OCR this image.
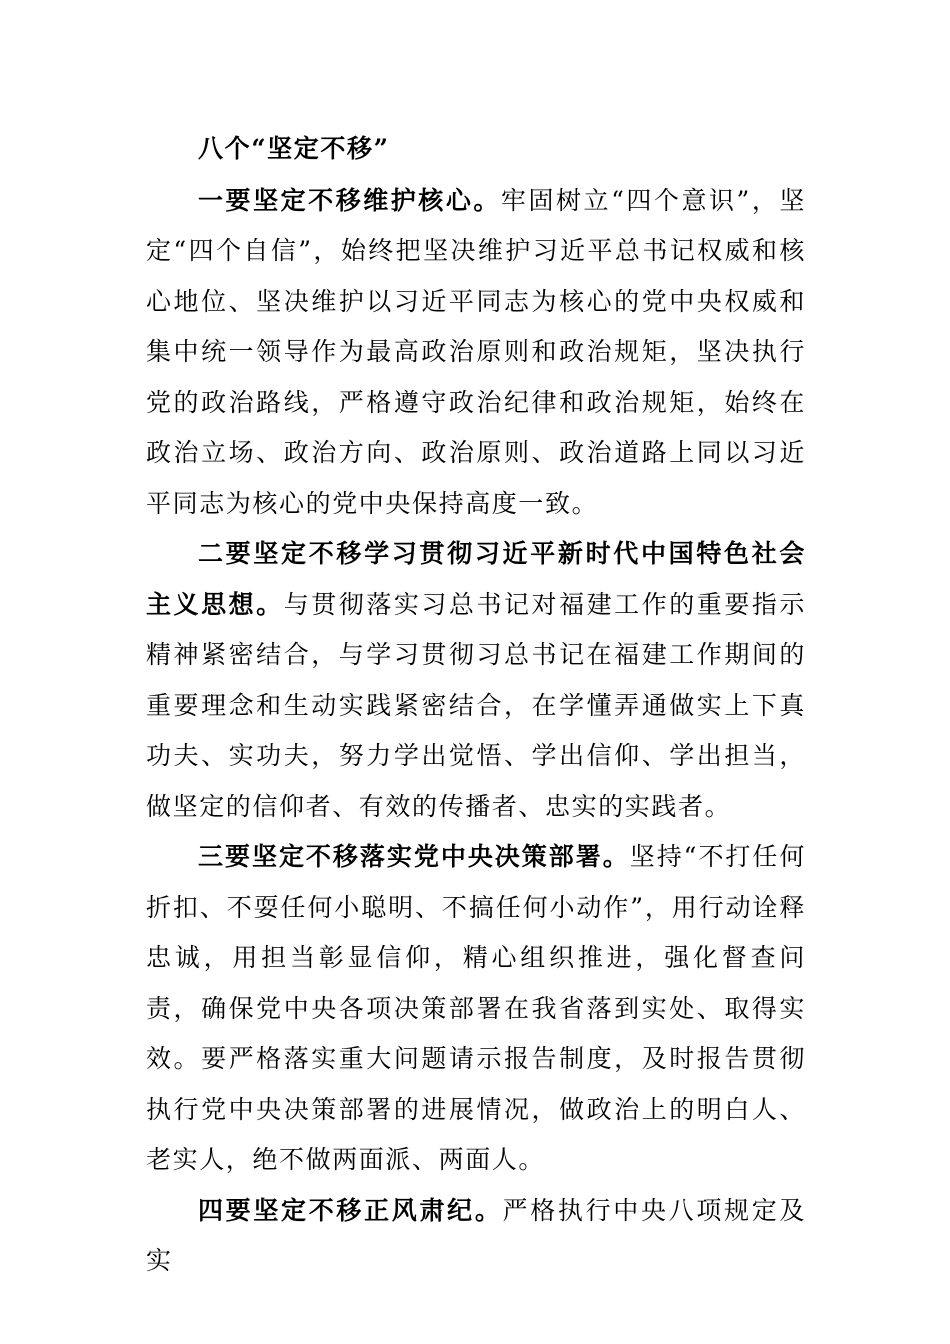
八个“坚定不移”

一要坚定不移维护核心。牢固树立“四个意识”，坚定“四个自信”，始终把坚决维护习近平总书记权威和核心地位、坚决维护以习近平同志为核心的党中央权威和集中统一领导作为最高政治原则和政治规矩，坚决执行党的政治路线，严格遵守政治纪律和政治规矩，始终在政治立场、政治方向、政治原则、政治道路上同以习近平同志为核心的党中央保持高度一致。

二要坚定不移学习贯彻习近平新时代中国特色社会主义思想。与贯彻落实习总书记对福建工作的重要指示精神紧密结合，与学习贯彻习总书记在福建工作期间的重要理念和生动实践紧密结合，在学懂弄通做实上下真功夫、实功夫，努力学出觉悟、学出信仰、学出担当，做坚定的信仰者、有效的传播者、忠实的实践者。

三要坚定不移落实党中央决策部署。坚持“不打任何折扣、不耍任何小聪明、不搞任何小动作”，用行动诠释忠诚，用担当彰显信仰，精心组织推进，强化督查问责，确保党中央各项决策部署在我省落到实处、取得实效。要严格落实重大问题请示报告制度，及时报告贯彻执行党中央决策部署的进展情况，做政治上的明白人、老实人，绝不做两面派、两面人。

四要坚定不移正风肃纪。严格执行中央八项规定及实
